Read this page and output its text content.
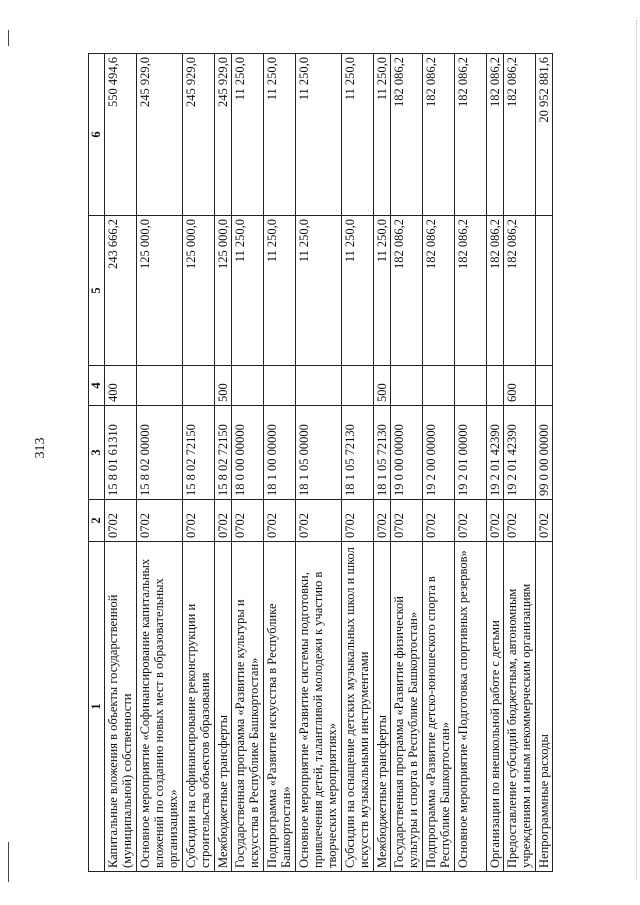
313
1	2	3	4	5	6
Капитальные вложения в объекты государственной (муниципальной) собственности	0702	15 8 01 61310	400	243 666,2	550 494,6
Основное мероприятие «Софинансирование капитальных вложений по созданию новых мест в образовательных организациях»	0702	15 8 02 00000		125 000,0	245 929,0
Субсидии на софинансирование реконструкции и строительства объектов образования	0702	15 8 02 72150		125 000,0	245 929,0
Межбюджетные трансферты	0702	15 8 02 72150	500	125 000,0	245 929,0
Государственная программа «Развитие культуры и искусства в Республике Башкортостан»	0702	18 0 00 00000		11 250,0	11 250,0
Подпрограмма «Развитие искусства в Республике Башкортостан»	0702	18 1 00 00000		11 250,0	11 250,0
Основное мероприятие «Развитие системы подготовки, привлечения детей, талантливой молодежи к участию в творческих мероприятиях»	0702	18 1 05 00000		11 250,0	11 250,0
Субсидии на оснащение детских музыкальных школ и школ искусств музыкальными инструментами	0702	18 1 05 72130		11 250,0	11 250,0
Межбюджетные трансферты	0702	18 1 05 72130	500	11 250,0	11 250,0
Государственная программа «Развитие физической культуры и спорта в Республике Башкортостан»	0702	19 0 00 00000		182 086,2	182 086,2
Подпрограмма «Развитие детско-юношеского спорта в Республике Башкортостан»	0702	19 2 00 00000		182 086,2	182 086,2
Основное мероприятие «Подготовка спортивных резервов»	0702	19 2 01 00000		182 086,2	182 086,2
Организации по внешкольной работе с детьми	0702	19 2 01 42390		182 086,2	182 086,2
Предоставление субсидий бюджетным, автономным учреждениям и иным некоммерческим организациям	0702	19 2 01 42390	600	182 086,2	182 086,2
Непрограммные расходы	0702	99 0 00 00000			20 952 881,6
